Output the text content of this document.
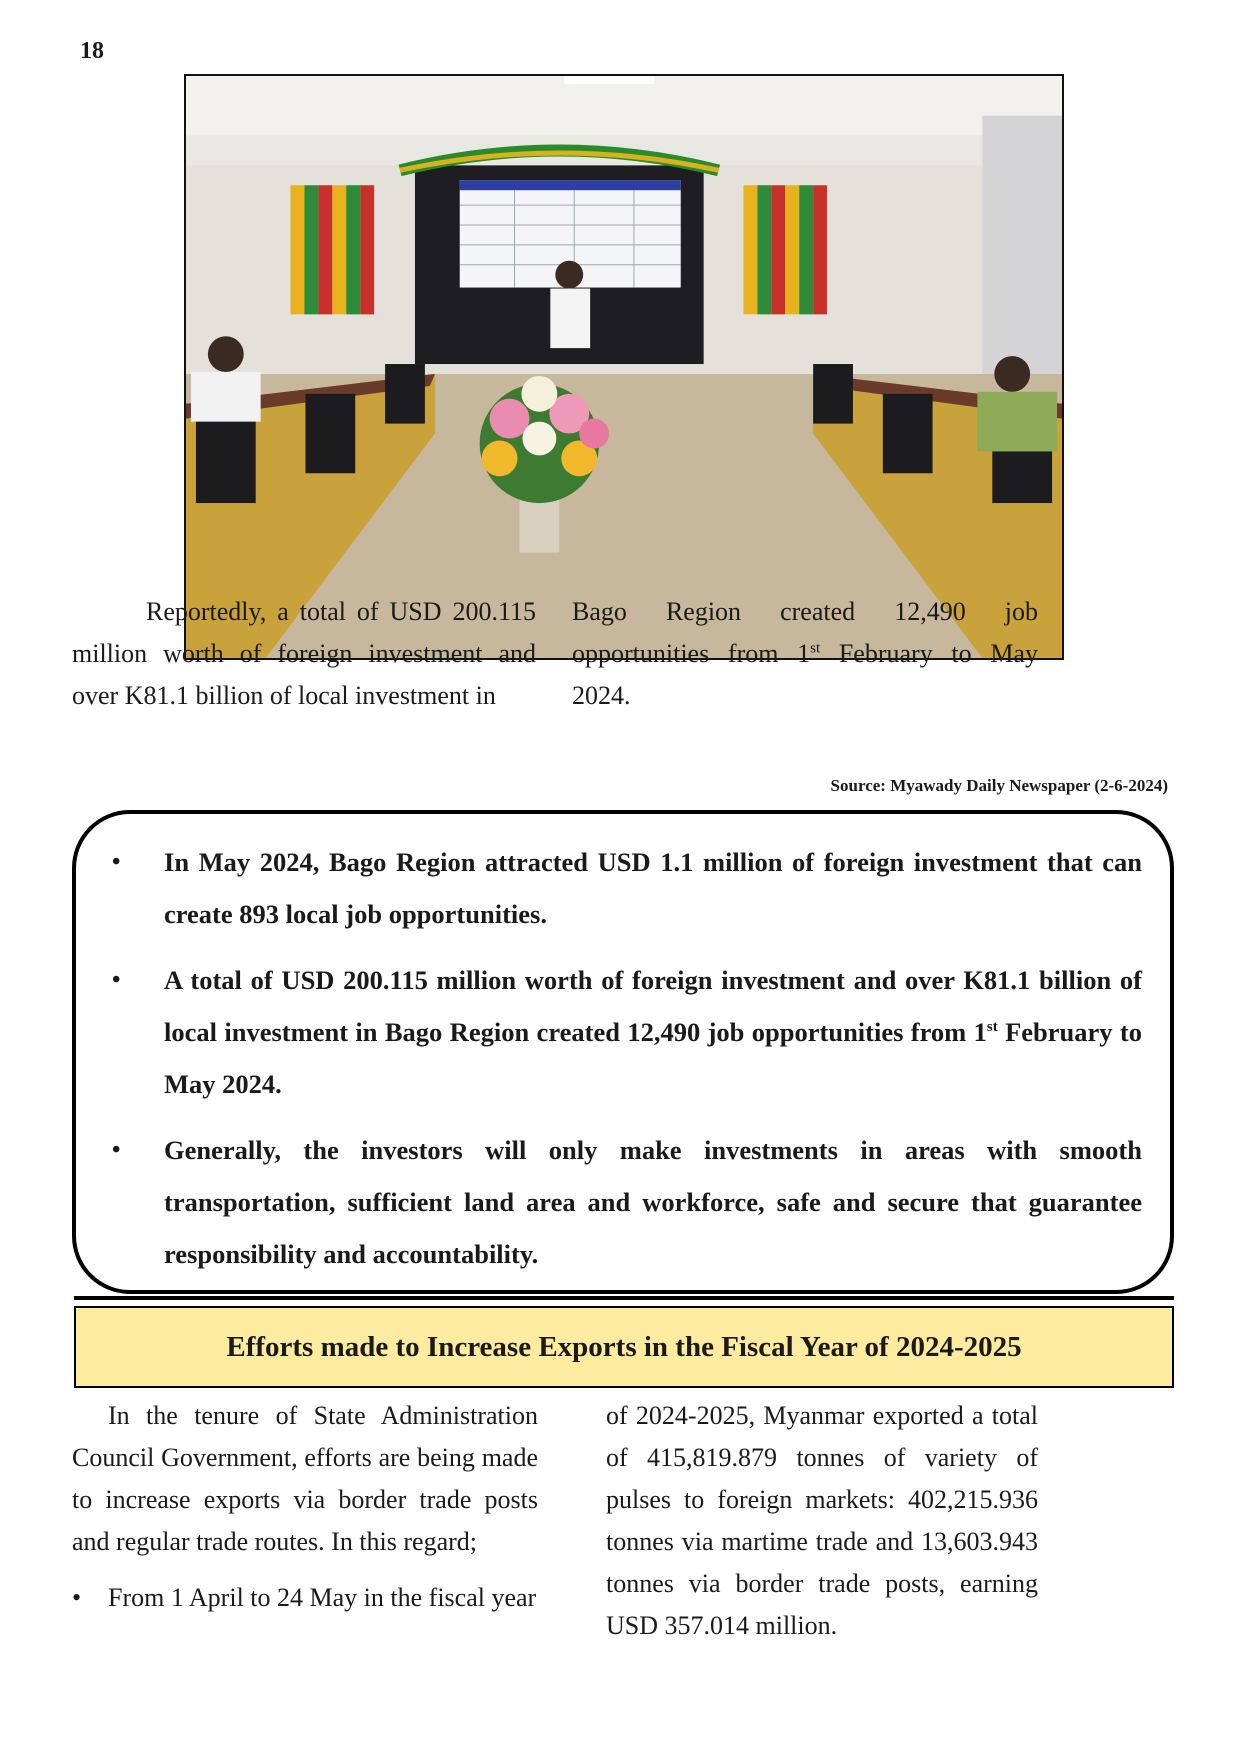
18

Reportedly, a total of USD 200.115 million worth of foreign investment and over K81.1 billion of local investment in

Bago Region created 12,490 job opportunities from 1st February to May 2024.

Source: Myawady Daily Newspaper (2-6-2024)
• In May 2024, Bago Region attracted USD 1.1 million of foreign investment that can create 893 local job opportunities.
• A total of USD 200.115 million worth of foreign investment and over K81.1 billion of local investment in Bago Region created 12,490 job opportunities from 1st February to May 2024.
• Generally, the investors will only make investments in areas with smooth transportation, sufficient land area and workforce, safe and secure that guarantee responsibility and accountability.
Efforts made to Increase Exports in the Fiscal Year of 2024-2025

In the tenure of State Administration Council Government, efforts are being made to increase exports via border trade posts and regular trade routes. In this regard;

• From 1 April to 24 May in the fiscal year

of 2024-2025, Myanmar exported a total of 415,819.879 tonnes of variety of pulses to foreign markets: 402,215.936 tonnes via martime trade and 13,603.943 tonnes via border trade posts, earning USD 357.014 million.
